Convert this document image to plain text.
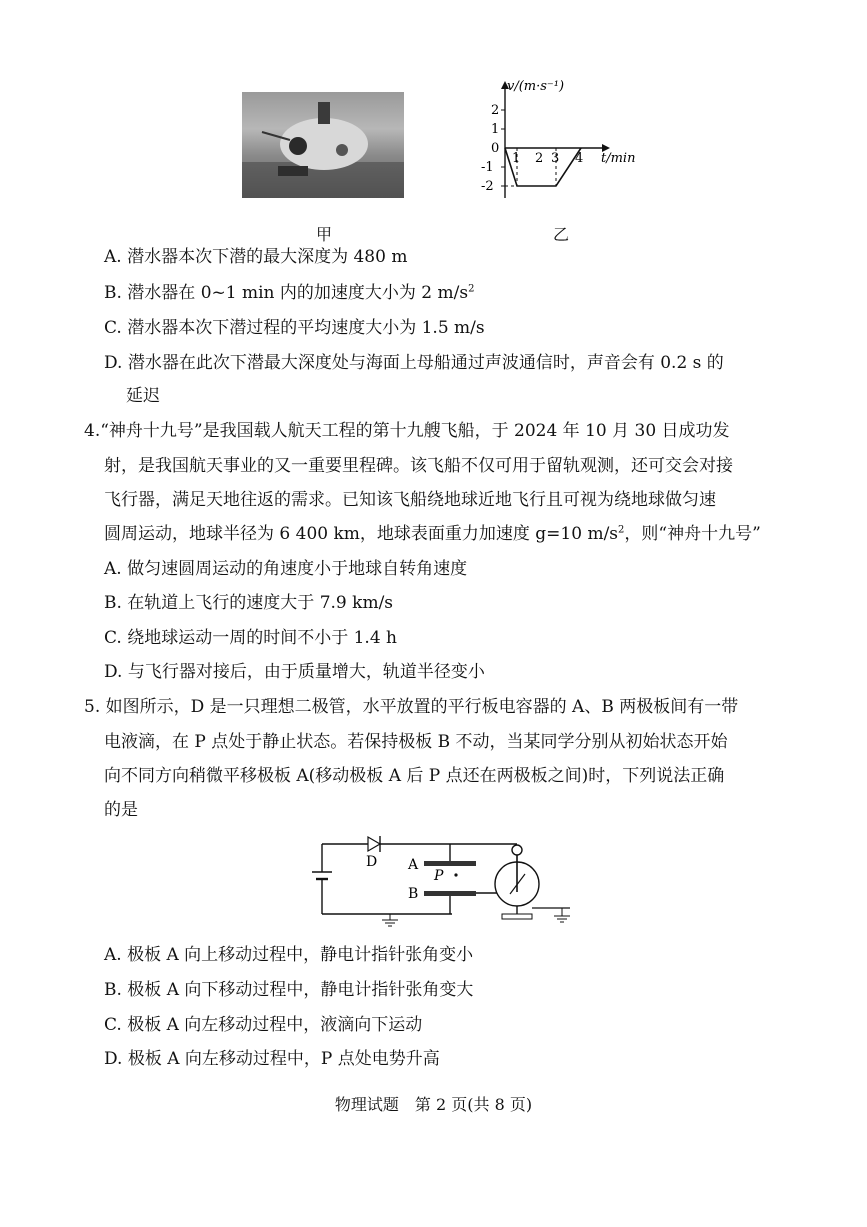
v/(m·s⁻¹)
t/min
2
1
0
-1
-2
1 2 3 4
甲	乙
A. 潜水器本次下潜的最大深度为 480 m
B. 潜水器在 0~1 min 内的加速度大小为 2 $m/s^2$
C. 潜水器本次下潜过程的平均速度大小为 1.5 m/s
D. 潜水器在此次下潜最大深度处与海面上母船通过声波通信时，声音会有 0.2 s 的
延迟
4.“神舟十九号”是我国载人航天工程的第十九艘飞船，于 2024 年 10 月 30 日成功发
射，是我国航天事业的又一重要里程碑。该飞船不仅可用于留轨观测，还可交会对接
飞行器，满足天地往返的需求。已知该飞船绕地球近地飞行且可视为绕地球做匀速
圆周运动，地球半径为 6 400 km，地球表面重力加速度 g=10 $m/s^2$，则“神舟十九号”
A. 做匀速圆周运动的角速度小于地球自转角速度
B. 在轨道上飞行的速度大于 7.9 km/s
C. 绕地球运动一周的时间不小于 1.4 h
D. 与飞行器对接后，由于质量增大，轨道半径变小
5. 如图所示，D 是一只理想二极管，水平放置的平行板电容器的 A、B 两极板间有一带
电液滴，在 P 点处于静止状态。若保持极板 B 不动，当某同学分别从初始状态开始
向不同方向稍微平移极板 A(移动极板 A 后 P 点还在两极板之间)时，下列说法正确
的是
D A
B
P
A. 极板 A 向上移动过程中，静电计指针张角变小
B. 极板 A 向下移动过程中，静电计指针张角变大
C. 极板 A 向左移动过程中，液滴向下运动
D. 极板 A 向左移动过程中，P 点处电势升高
物理试题　第 2 页(共 8 页)
